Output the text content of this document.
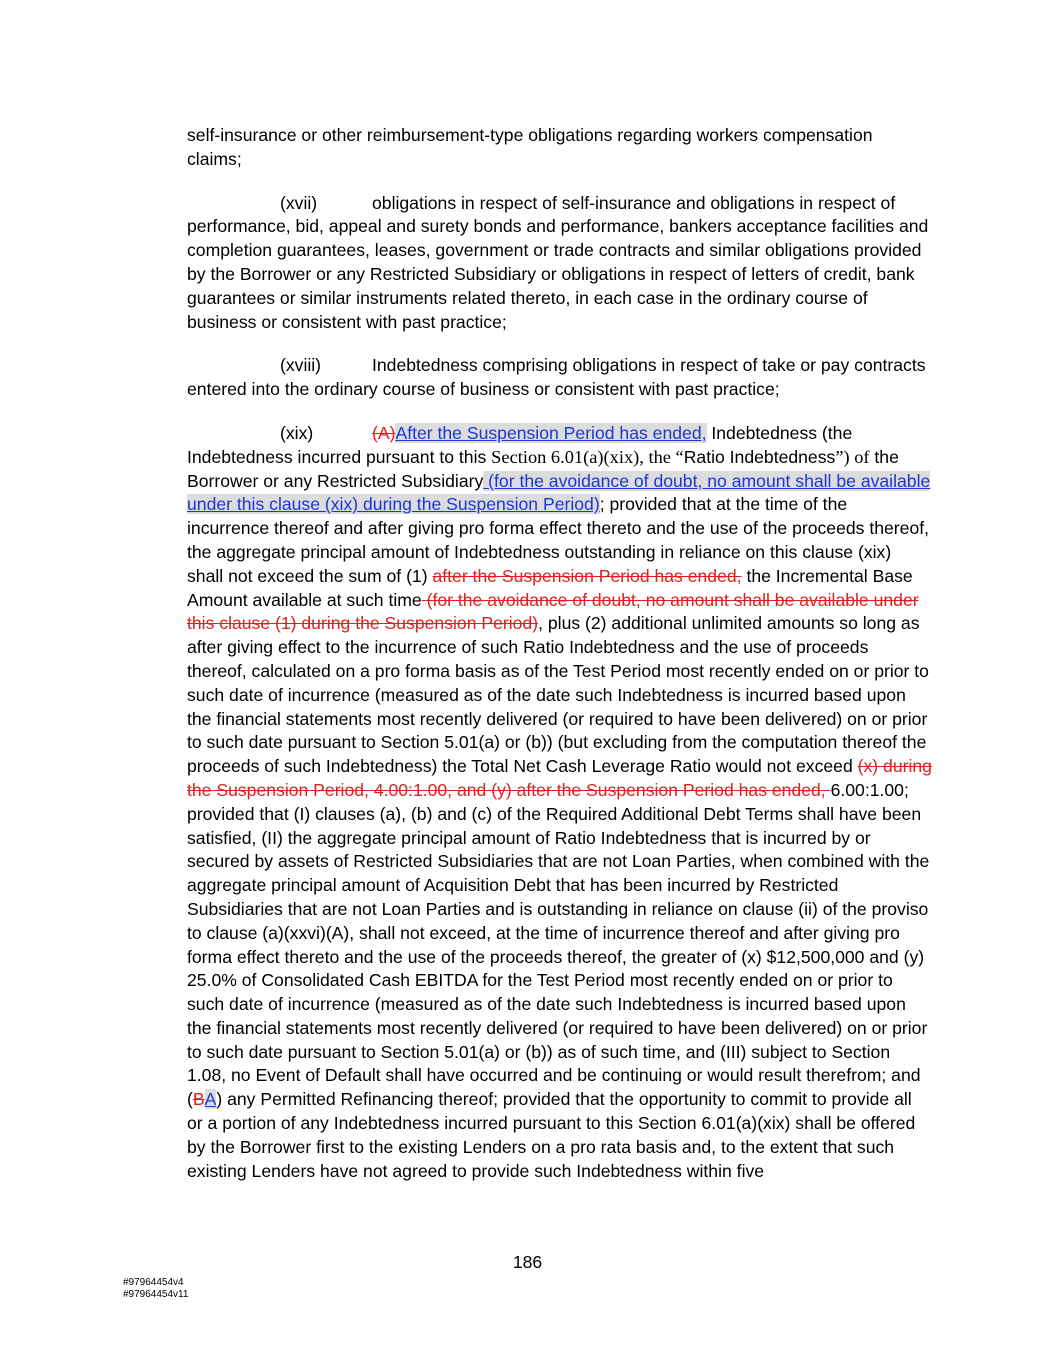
self-insurance or other reimbursement-type obligations regarding workers compensation claims;

(xvii)	obligations in respect of self-insurance and obligations in respect of performance, bid, appeal and surety bonds and performance, bankers acceptance facilities and completion guarantees, leases, government or trade contracts and similar obligations provided by the Borrower or any Restricted Subsidiary or obligations in respect of letters of credit, bank guarantees or similar instruments related thereto, in each case in the ordinary course of business or consistent with past practice;

(xviii)	Indebtedness comprising obligations in respect of take or pay contracts entered into the ordinary course of business or consistent with past practice;

(xix)	(A)After the Suspension Period has ended, Indebtedness (the Indebtedness incurred pursuant to this Section 6.01(a)(xix), the “Ratio Indebtedness”) of the Borrower or any Restricted Subsidiary (for the avoidance of doubt, no amount shall be available under this clause (xix) during the Suspension Period); provided that at the time of the incurrence thereof and after giving pro forma effect thereto and the use of the proceeds thereof, the aggregate principal amount of Indebtedness outstanding in reliance on this clause (xix) shall not exceed the sum of (1) after the Suspension Period has ended, the Incremental Base Amount available at such time (for the avoidance of doubt, no amount shall be available under this clause (1) during the Suspension Period), plus (2) additional unlimited amounts so long as after giving effect to the incurrence of such Ratio Indebtedness and the use of proceeds thereof, calculated on a pro forma basis as of the Test Period most recently ended on or prior to such date of incurrence (measured as of the date such Indebtedness is incurred based upon the financial statements most recently delivered (or required to have been delivered) on or prior to such date pursuant to Section 5.01(a) or (b)) (but excluding from the computation thereof the proceeds of such Indebtedness) the Total Net Cash Leverage Ratio would not exceed (x) during the Suspension Period, 4.00:1.00, and (y) after the Suspension Period has ended, 6.00:1.00; provided that (I) clauses (a), (b) and (c) of the Required Additional Debt Terms shall have been satisfied, (II) the aggregate principal amount of Ratio Indebtedness that is incurred by or secured by assets of Restricted Subsidiaries that are not Loan Parties, when combined with the aggregate principal amount of Acquisition Debt that has been incurred by Restricted Subsidiaries that are not Loan Parties and is outstanding in reliance on clause (ii) of the proviso to clause (a)(xxvi)(A), shall not exceed, at the time of incurrence thereof and after giving pro forma effect thereto and the use of the proceeds thereof, the greater of (x) $12,500,000 and (y) 25.0% of Consolidated Cash EBITDA for the Test Period most recently ended on or prior to such date of incurrence (measured as of the date such Indebtedness is incurred based upon the financial statements most recently delivered (or required to have been delivered) on or prior to such date pursuant to Section 5.01(a) or (b)) as of such time, and (III) subject to Section 1.08, no Event of Default shall have occurred and be continuing or would result therefrom; and (BA) any Permitted Refinancing thereof; provided that the opportunity to commit to provide all or a portion of any Indebtedness incurred pursuant to this Section 6.01(a)(xix) shall be offered by the Borrower first to the existing Lenders on a pro rata basis and, to the extent that such existing Lenders have not agreed to provide such Indebtedness within five

186
#97964454v4
#97964454v11
